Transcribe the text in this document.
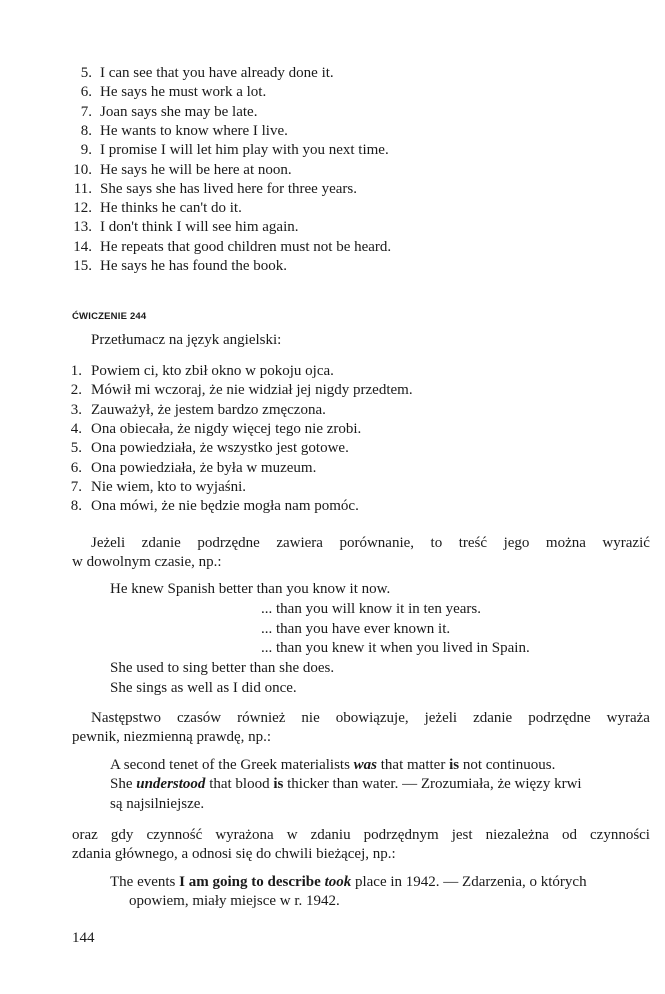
5. I can see that you have already done it.
6. He says he must work a lot.
7. Joan says she may be late.
8. He wants to know where I live.
9. I promise I will let him play with you next time.
10. He says he will be here at noon.
11. She says she has lived here for three years.
12. He thinks he can't do it.
13. I don't think I will see him again.
14. He repeats that good children must not be heard.
15. He says he has found the book.
ĆWICZENIE 244
Przetłumacz na język angielski:
1. Powiem ci, kto zbił okno w pokoju ojca.
2. Mówił mi wczoraj, że nie widział jej nigdy przedtem.
3. Zauważył, że jestem bardzo zmęczona.
4. Ona obiecała, że nigdy więcej tego nie zrobi.
5. Ona powiedziała, że wszystko jest gotowe.
6. Ona powiedziała, że była w muzeum.
7. Nie wiem, kto to wyjaśni.
8. Ona mówi, że nie będzie mogła nam pomóc.
Jeżeli zdanie podrzędne zawiera porównanie, to treść jego można wyrazić
w dowolnym czasie, np.:
He knew Spanish better than you know it now.
... than you will know it in ten years.
... than you have ever known it.
... than you knew it when you lived in Spain.
She used to sing better than she does.
She sings as well as I did once.
Następstwo czasów również nie obowiązuje, jeżeli zdanie podrzędne wyraża
pewnik, niezmienną prawdę, np.:
A second tenet of the Greek materialists was that matter is not continuous.
She understood that blood is thicker than water. — Zrozumiała, że więzy krwi
są najsilniejsze.
oraz gdy czynność wyrażona w zdaniu podrzędnym jest niezależna od czynności
zdania głównego, a odnosi się do chwili bieżącej, np.:
The events I am going to describe took place in 1942. — Zdarzenia, o których
opowiem, miały miejsce w r. 1942.
144
